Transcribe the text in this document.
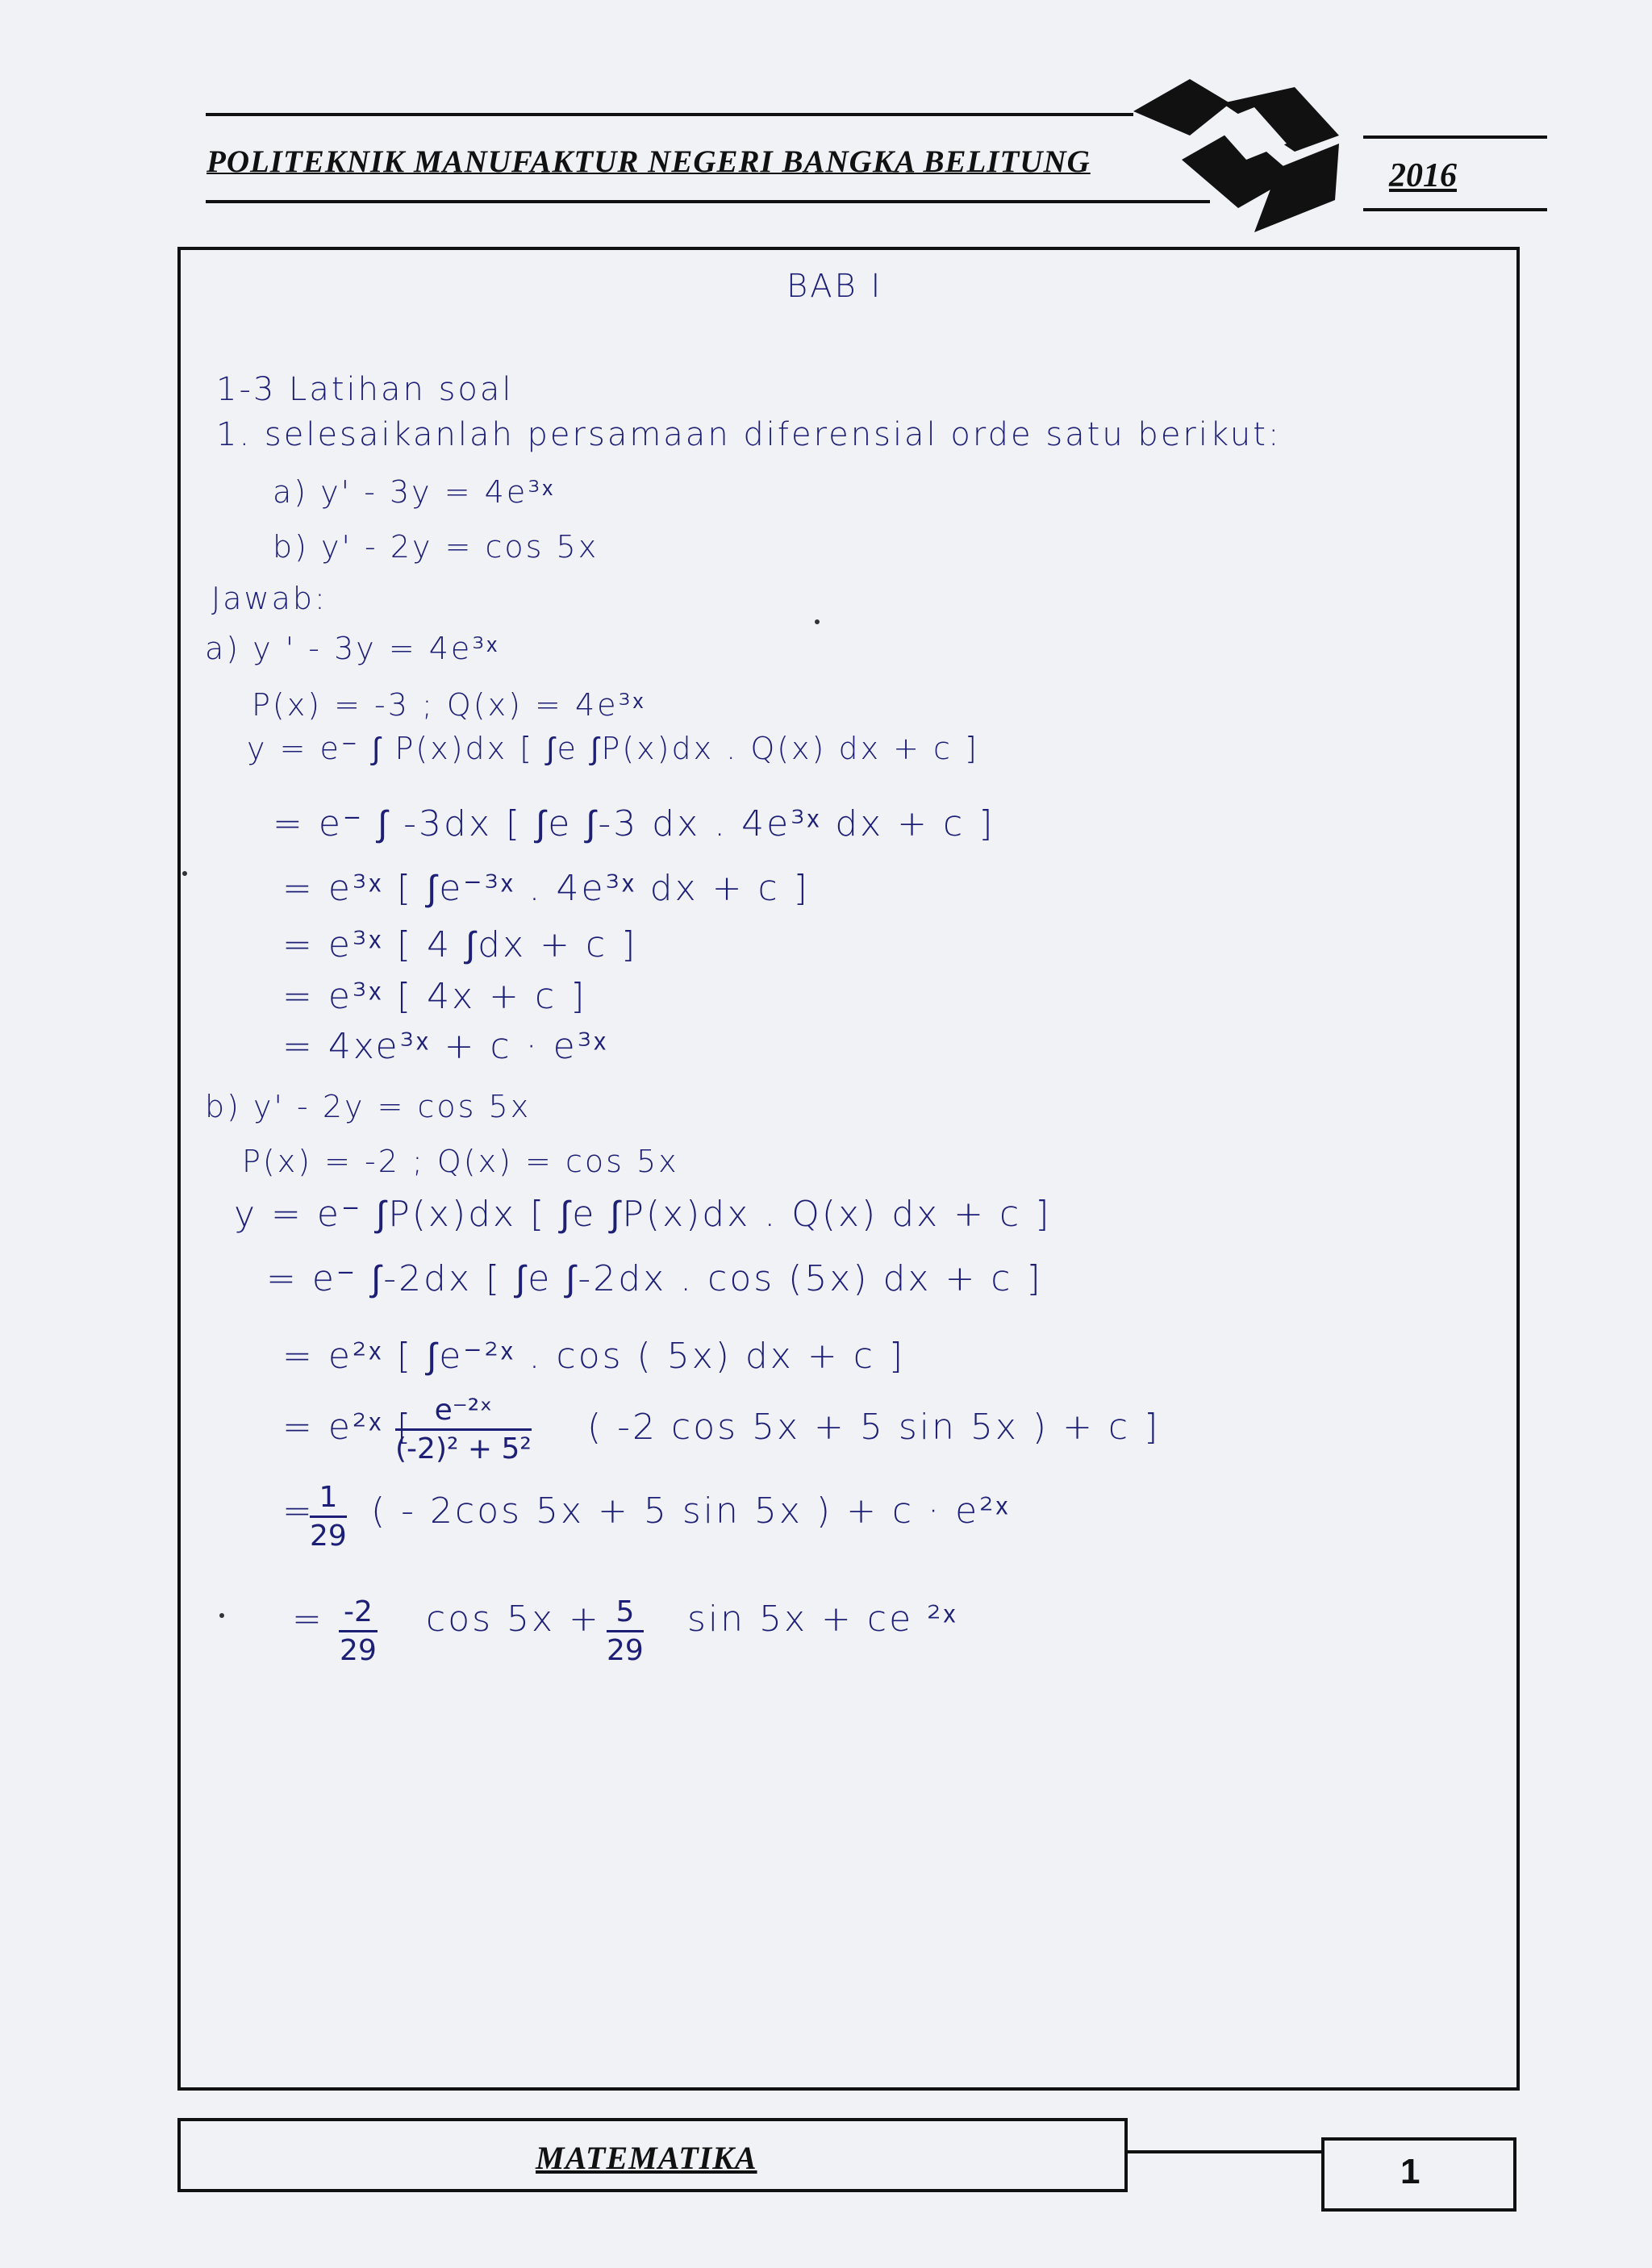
POLITEKNIK MANUFAKTUR NEGERI BANGKA BELITUNG	2016
BAB I
1-3 Latihan soal
1. selesaikanlah persamaan diferensial orde satu berikut:
a) y' - 3y = 4e³ˣ
b) y' - 2y = cos 5x
Jawab:
a) y ' - 3y = 4e³ˣ
P(x) = -3 ; Q(x) = 4e³ˣ
y = e⁻ ∫ P(x)dx [ ∫e ∫P(x)dx . Q(x) dx + c ]
= e⁻ ∫ -3dx [ ∫e ∫-3 dx . 4e³ˣ dx + c ]
= e³ˣ [ ∫e⁻³ˣ . 4e³ˣ dx + c ]
= e³ˣ [ 4 ∫dx + c ]
= e³ˣ [ 4x + c ]
= 4xe³ˣ + c · e³ˣ
b) y' - 2y = cos 5x
P(x) = -2 ; Q(x) = cos 5x
y = e⁻ ∫P(x)dx [ ∫e ∫P(x)dx . Q(x) dx + c ]
= e⁻ ∫-2dx [ ∫e ∫-2dx . cos (5x) dx + c ]
= e²ˣ [ ∫e⁻²ˣ . cos ( 5x) dx + c ]
= e²ˣ [
$\frac{\text{e⁻²ˣ}}{\text{(-2)² + 5²}}$ ( -2 cos 5x + 5 sin 5x ) + c ]
=
$\frac{1}{29}$ ( - 2cos 5x + 5 sin 5x ) + c · e²ˣ
= $\frac{-2}{29}$ $\cos 5x + \frac{5}{29}$ sin 5x + ce ²ˣ
MATEMATIKA	1
